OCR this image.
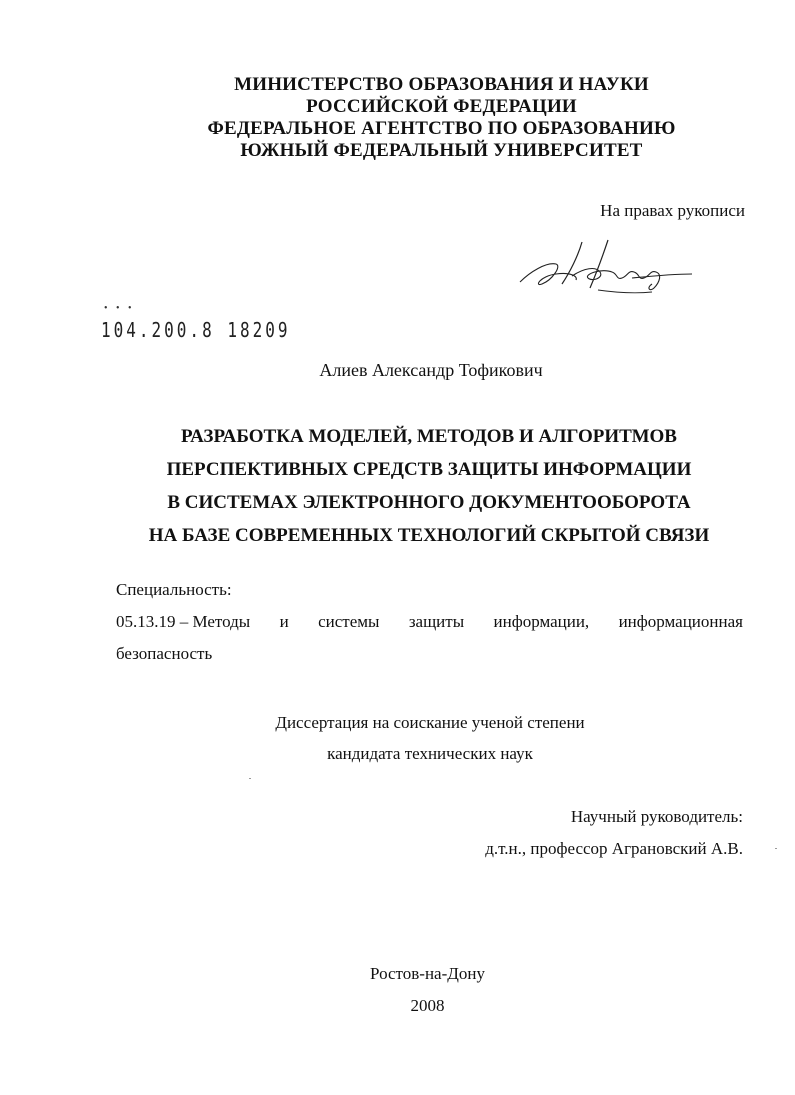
МИНИСТЕРСТВО ОБРАЗОВАНИЯ И НАУКИ
РОССИЙСКОЙ ФЕДЕРАЦИИ
ФЕДЕРАЛЬНОЕ АГЕНТСТВО ПО ОБРАЗОВАНИЮ
ЮЖНЫЙ ФЕДЕРАЛЬНЫЙ УНИВЕРСИТЕТ
На правах рукописи
• • •
104.200.8 18209
Алиев Александр Тофикович
РАЗРАБОТКА МОДЕЛЕЙ, МЕТОДОВ И АЛГОРИТМОВ
ПЕРСПЕКТИВНЫХ СРЕДСТВ ЗАЩИТЫ ИНФОРМАЦИИ
В СИСТЕМАХ ЭЛЕКТРОННОГО ДОКУМЕНТООБОРОТА
НА БАЗЕ СОВРЕМЕННЫХ ТЕХНОЛОГИЙ СКРЫТОЙ СВЯЗИ
Специальность:
05.13.19 – Методы и системы защиты информации, информационная
безопасность
Диссертация на соискание ученой степени
кандидата технических наук
Научный руководитель:
д.т.н., профессор Аграновский А.В.
Ростов-на-Дону
2008
